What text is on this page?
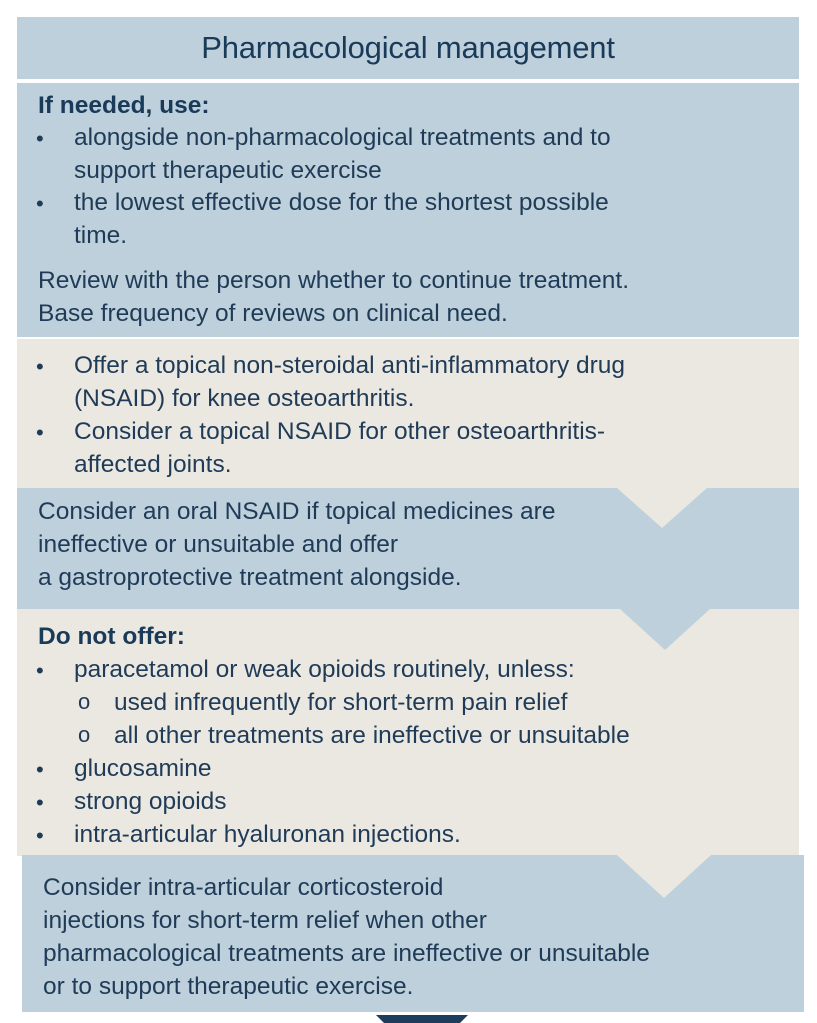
Pharmacological management
If needed, use:
• alongside non-pharmacological treatments and to
support therapeutic exercise
• the lowest effective dose for the shortest possible
time.
Review with the person whether to continue treatment.
Base frequency of reviews on clinical need.
• Offer a topical non-steroidal anti-inflammatory drug
(NSAID) for knee osteoarthritis.
• Consider a topical NSAID for other osteoarthritis-
affected joints.
Consider an oral NSAID if topical medicines are
ineffective or unsuitable and offer
a gastroprotective treatment alongside.
Do not offer:
• paracetamol or weak opioids routinely, unless:
o used infrequently for short-term pain relief
o all other treatments are ineffective or unsuitable
• glucosamine
• strong opioids
• intra-articular hyaluronan injections.
Consider intra-articular corticosteroid
injections for short-term relief when other
pharmacological treatments are ineffective or unsuitable
or to support therapeutic exercise.
